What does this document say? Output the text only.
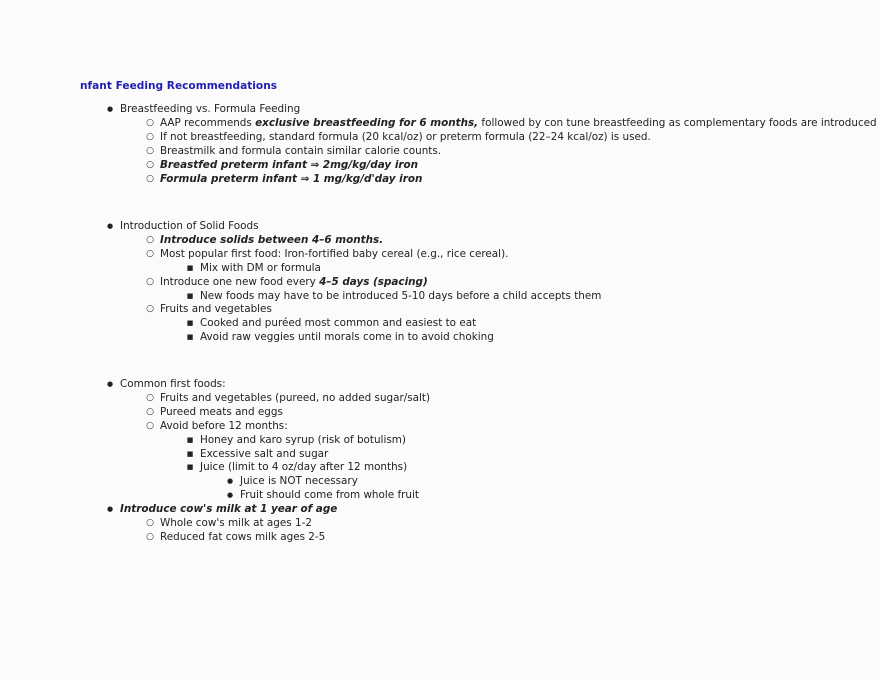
nfant Feeding Recommendations
●
Breastfeeding vs. Formula Feeding
○
AAP recommends exclusive breastfeeding for 6 months, followed by con tune breastfeeding as complementary foods are introduced
○
If not breastfeeding, standard formula (20 kcal/oz) or preterm formula (22–24 kcal/oz) is used.
○
Breastmilk and formula contain similar calorie counts.
○
Breastfed preterm infant ⇒ 2mg/kg/day iron
○
Formula preterm infant ⇒ 1 mg/kg/d'day iron
●
Introduction of Solid Foods
○
Introduce solids between 4–6 months.
○
Most popular first food: Iron-fortified baby cereal (e.g., rice cereal).
■
Mix with DM or formula
○
Introduce one new food every 4–5 days (spacing)
■
New foods may have to be introduced 5-10 days before a child accepts them
○
Fruits and vegetables
■
Cooked and puréed most common and easiest to eat
■
Avoid raw veggies until morals come in to avoid choking
●
Common first foods:
○
Fruits and vegetables (pureed, no added sugar/salt)
○
Pureed meats and eggs
○
Avoid before 12 months:
■
Honey and karo syrup (risk of botulism)
■
Excessive salt and sugar
■
Juice (limit to 4 oz/day after 12 months)
●
Juice is NOT necessary
●
Fruit should come from whole fruit
●
Introduce cow's milk at 1 year of age
○
Whole cow's milk at ages 1-2
○
Reduced fat cows milk ages 2-5
